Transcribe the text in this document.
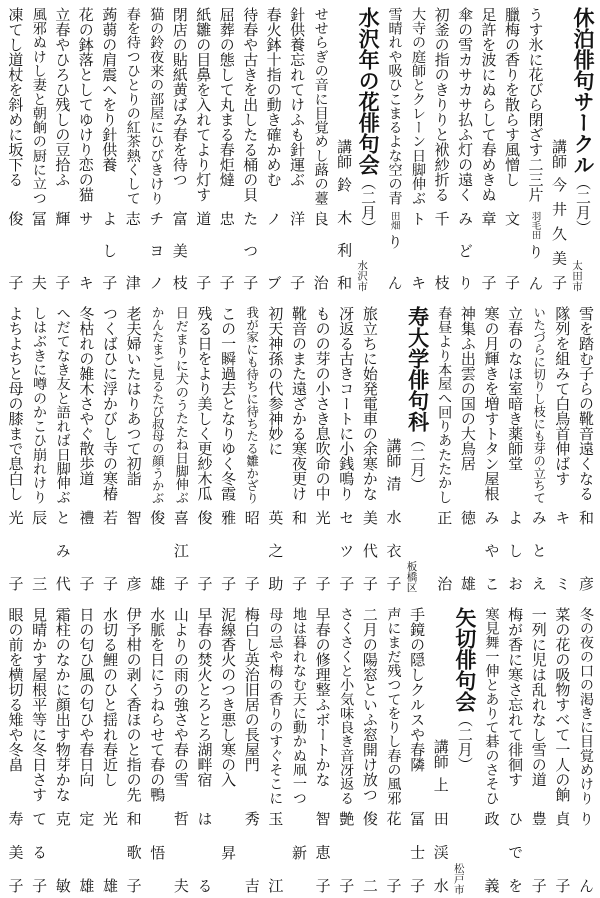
休泊俳句サークル（二月）
太田市
講師
今井久美子
うす氷に花びら閉ざす二三片
羽毛田
りん
臘梅の香りを散らす風憎し
文子
足許を波にぬらして春めきぬ
章子
傘の雪カサカサ払ふ灯の遠く
みどり
初釜の指のきりりと袱紗折る
千枝
大寺の庭師とクレーン日脚伸ぶ
トキ
雪晴れや吸ひこまるよな空の青
田畑
りん
水沢年の花俳句会（二月）
水沢市
講師
鈴木利和
せせらぎの音に目覚めし蕗の薹
良治
針供養忘れてけふも針運ぶ
洋子
春火鉢十指の動き確かめむ
ノブ
待春や古きを出したる桶の貝
たつ子
屈葬の態して丸まる春炬燵
忠子
紙雛の目鼻を入れてより灯す
道子
閉店の貼紙黄ばみ春を待つ
富美枝
猫の鈴夜来の部屋にひびきけり
チヨノ
春を待つひとりの紅茶熱くして
志津
蒟蒻の肩震へをり針供養
よし子
花の鉢落としてゆけり恋の猫
サキ
立春やひろひ残しの豆拾ふ
輝子
風邪ぬけし妻と朝餉の厨に立つ
冨夫
凍てし道杖を斜めに坂下る
俊子
雪を踏む子らの靴音遠くなる
和彦
隊列を組みて白鳥首伸ばす
キミ
いたづらに切りし枝にも芽の立ちて
みとえ
立春のなほ室暗き薬師堂
よしお
寒の月輝きを増すトタン屋根
みやこ
神集ふ出雲の国の大鳥居
徳雄
春昼より本屋へ回りあたたかし
正治
寿大学俳句科（二月）
板橋区
講師
清水衣子
旅立ちに始発電車の余寒かな
美代子
冴返る古きコートに小銭鳴り
セツ子
ものの芽の小さき息吹命の中
光子
靴音のまた遠ざかる寒夜更け
和子
初天神孫の代参神妙に
英之助
我が家にも待ちに待ちたる雛かざり
昭子
この一瞬過去となりゆく冬霞
雅子
残る日をより美しく更紗木瓜
俊子
日だまりに犬のうたたね日脚伸ぶ
喜江子
かんたまご見るたび叔母の顔うかぶ
俊雄
老夫婦いたはりあつて初詣
智彦
つくばひに浮かびし寺の寒椿
若子
冬枯れの雑木さやぐ散歩道
禮子
へだてなき友と語れば日脚伸ぶ
とみ代
しはぶきに噂のかこひ崩れけり
辰三
よちよちと母の膝まで息白し
光子
冬の夜の口の渇きに目覚めけり
りん
菜の花の吸物すべて一人の餉
貞子
一列に児は乱れなし雪の道
豊子
梅が香に寒さ忘れて徘徊す
ひでを
寒見舞一伸とありて碁のさそひ
政義
矢切俳句会（二月）
松戸市
講師
上田渓水
手鏡の隠しクルスや春隣
冨士子
声にまだ残つてをりし春の風邪
花子
二月の陽窓といふ窓開け放つ
俊二
さくさくと小気味良き音冴返る
艶子
早春の修理整ふボートかな
智恵子
地は暮れなむ天に動かぬ凧一つ
新
母の忌や梅の香りのすぐそこに
玉江
梅白し英治旧居の長屋門
秀吉
泥線香火のつき悪し寒の入
昇
早春の焚火とろとろ湖畔宿
はる
山よりの雨の強さや春の雪
哲夫
水脈を日にうねらせて春の鴨
悟
伊予柑の剥く香ほのと指の先
和歌子
水切る鯉のひと揺れ春近し
光雄
日の匂ひ風の匂ひや春日向
定雄
霜柱のなかに顔出す物芽かな
克敏
見晴かす屋根平等に冬日さす
てる子
眼の前を横切る雉や冬畠
寿美子
